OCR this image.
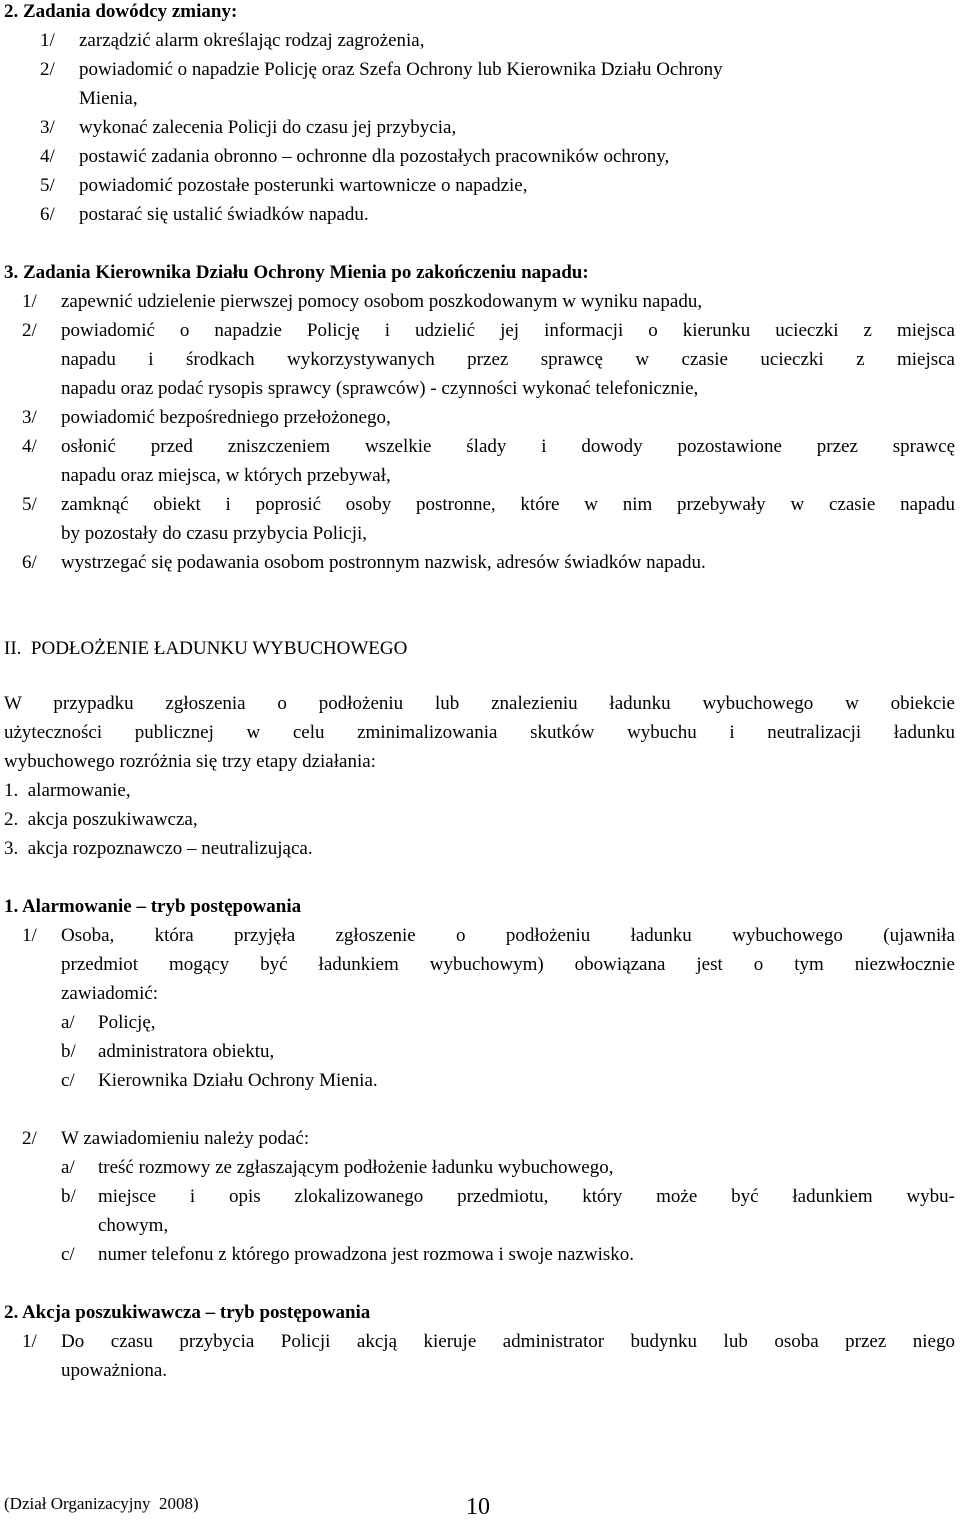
2. Zadania dowódcy zmiany:
1/ zarządzić alarm określając rodzaj zagrożenia,
2/ powiadomić o napadzie Policję oraz Szefa Ochrony lub Kierownika Działu Ochrony
Mienia,
3/ wykonać zalecenia Policji do czasu jej przybycia,
4/ postawić zadania obronno – ochronne dla pozostałych pracowników ochrony,
5/ powiadomić pozostałe posterunki wartownicze o napadzie,
6/ postarać się ustalić świadków napadu.
3. Zadania Kierownika Działu Ochrony Mienia po zakończeniu napadu:
1/ zapewnić udzielenie pierwszej pomocy osobom poszkodowanym w wyniku napadu,
2/ powiadomić o napadzie Policję i udzielić jej informacji o kierunku ucieczki z miejsca
napadu i środkach wykorzystywanych przez sprawcę w czasie ucieczki z miejsca
napadu oraz podać rysopis sprawcy (sprawców) - czynności wykonać telefonicznie,
3/ powiadomić bezpośredniego przełożonego,
4/ osłonić przed zniszczeniem wszelkie ślady i dowody pozostawione przez sprawcę
napadu oraz miejsca, w których przebywał,
5/ zamknąć obiekt i poprosić osoby postronne, które w nim przebywały w czasie napadu
by pozostały do czasu przybycia Policji,
6/ wystrzegać się podawania osobom postronnym nazwisk, adresów świadków napadu.
II.  PODŁOŻENIE ŁADUNKU WYBUCHOWEGO
W przypadku zgłoszenia o podłożeniu lub znalezieniu ładunku wybuchowego w obiekcie
użyteczności publicznej w celu zminimalizowania skutków wybuchu i neutralizacji ładunku
wybuchowego rozróżnia się trzy etapy działania:
1.  alarmowanie,
2.  akcja poszukiwawcza,
3.  akcja rozpoznawczo – neutralizująca.
1. Alarmowanie – tryb postępowania
1/ Osoba, która przyjęła zgłoszenie o podłożeniu ładunku wybuchowego (ujawniła
przedmiot mogący być ładunkiem wybuchowym) obowiązana jest o tym niezwłocznie
zawiadomić:
a/ Policję,
b/ administratora obiektu,
c/ Kierownika Działu Ochrony Mienia.
2/ W zawiadomieniu należy podać:
a/ treść rozmowy ze zgłaszającym podłożenie ładunku wybuchowego,
b/ miejsce i opis zlokalizowanego przedmiotu, który może być ładunkiem wybu-
chowym,
c/ numer telefonu z którego prowadzona jest rozmowa i swoje nazwisko.
2. Akcja poszukiwawcza – tryb postępowania
1/ Do czasu przybycia Policji akcją kieruje administrator budynku lub osoba przez niego
upoważniona.
(Dział Organizacyjny  2008)	10
